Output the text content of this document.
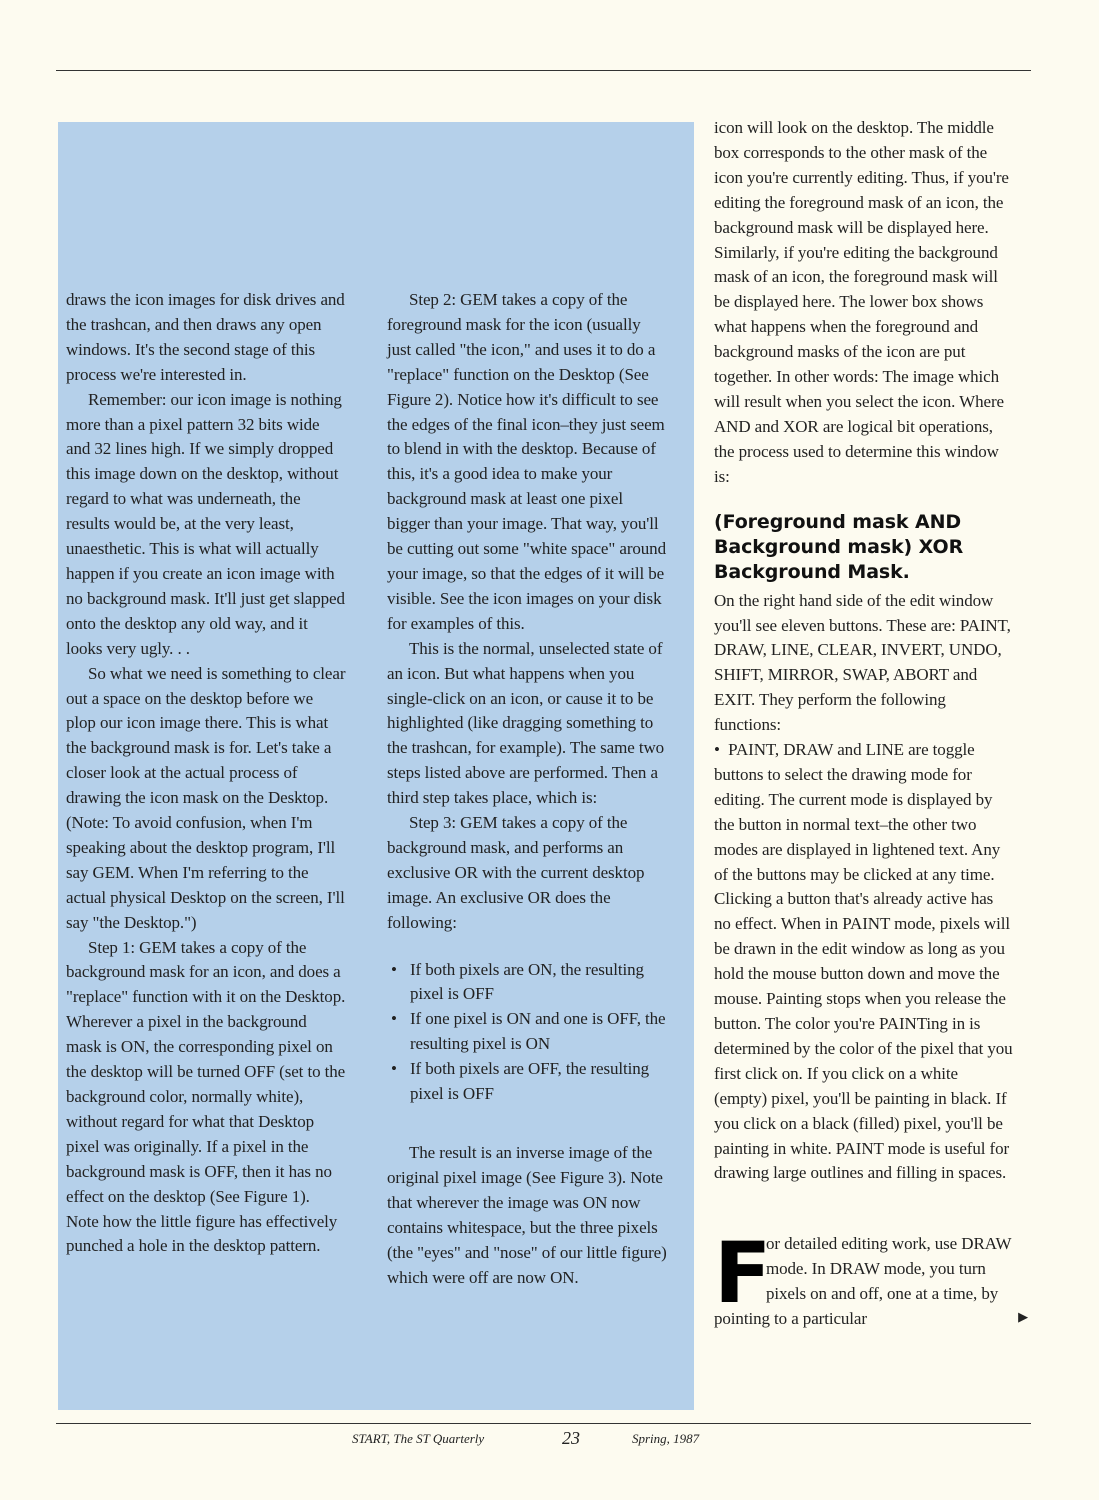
draws the icon images for disk drives and the trashcan, and then draws any open windows. It's the second stage of this process we're interested in.

Remember: our icon image is nothing more than a pixel pattern 32 bits wide and 32 lines high. If we simply dropped this image down on the desktop, without regard to what was underneath, the results would be, at the very least, unaesthetic. This is what will actually happen if you create an icon image with no background mask. It'll just get slapped onto the desktop any old way, and it looks very ugly. . .

So what we need is something to clear out a space on the desktop before we plop our icon image there. This is what the background mask is for. Let's take a closer look at the actual process of drawing the icon mask on the Desktop. (Note: To avoid confusion, when I'm speaking about the desktop program, I'll say GEM. When I'm referring to the actual physical Desktop on the screen, I'll say "the Desktop.")

Step 1: GEM takes a copy of the background mask for an icon, and does a "replace" function with it on the Desktop. Wherever a pixel in the background mask is ON, the corresponding pixel on the desktop will be turned OFF (set to the background color, normally white), without regard for what that Desktop pixel was originally. If a pixel in the background mask is OFF, then it has no effect on the desktop (See Figure 1). Note how the little figure has effectively punched a hole in the desktop pattern.

Step 2: GEM takes a copy of the foreground mask for the icon (usually just called "the icon," and uses it to do a "replace" function on the Desktop (See Figure 2). Notice how it's difficult to see the edges of the final icon–they just seem to blend in with the desktop. Because of this, it's a good idea to make your background mask at least one pixel bigger than your image. That way, you'll be cutting out some "white space" around your image, so that the edges of it will be visible. See the icon images on your disk for examples of this.

This is the normal, unselected state of an icon. But what happens when you single-click on an icon, or cause it to be highlighted (like dragging something to the trashcan, for example). The same two steps listed above are performed. Then a third step takes place, which is:

Step 3: GEM takes a copy of the background mask, and performs an exclusive OR with the current desktop image. An exclusive OR does the following:

• If both pixels are ON, the resulting pixel is OFF
• If one pixel is ON and one is OFF, the resulting pixel is ON
• If both pixels are OFF, the resulting pixel is OFF

The result is an inverse image of the original pixel image (See Figure 3). Note that wherever the image was ON now contains whitespace, but the three pixels (the "eyes" and "nose" of our little figure) which were off are now ON.

icon will look on the desktop. The middle box corresponds to the other mask of the icon you're currently editing. Thus, if you're editing the foreground mask of an icon, the background mask will be displayed here. Similarly, if you're editing the background mask of an icon, the foreground mask will be displayed here. The lower box shows what happens when the foreground and background masks of the icon are put together. In other words: The image which will result when you select the icon. Where AND and XOR are logical bit operations, the process used to determine this window is:

(Foreground mask AND Background mask) XOR Background Mask.

On the right hand side of the edit window you'll see eleven buttons. These are: PAINT, DRAW, LINE, CLEAR, INVERT, UNDO, SHIFT, MIRROR, SWAP, ABORT and EXIT. They perform the following functions:

• PAINT, DRAW and LINE are toggle buttons to select the drawing mode for editing. The current mode is displayed by the button in normal text–the other two modes are displayed in lightened text. Any of the buttons may be clicked at any time. Clicking a button that's already active has no effect. When in PAINT mode, pixels will be drawn in the edit window as long as you hold the mouse button down and move the mouse. Painting stops when you release the button. The color you're PAINTing in is determined by the color of the pixel that you first click on. If you click on a white (empty) pixel, you'll be painting in black. If you click on a black (filled) pixel, you'll be painting in white. PAINT mode is useful for drawing large outlines and filling in spaces.

F
or detailed editing work, use DRAW mode. In DRAW mode, you turn pixels on and off, one at a time, by pointing to a particular	▶
START, The ST Quarterly	23	Spring, 1987
